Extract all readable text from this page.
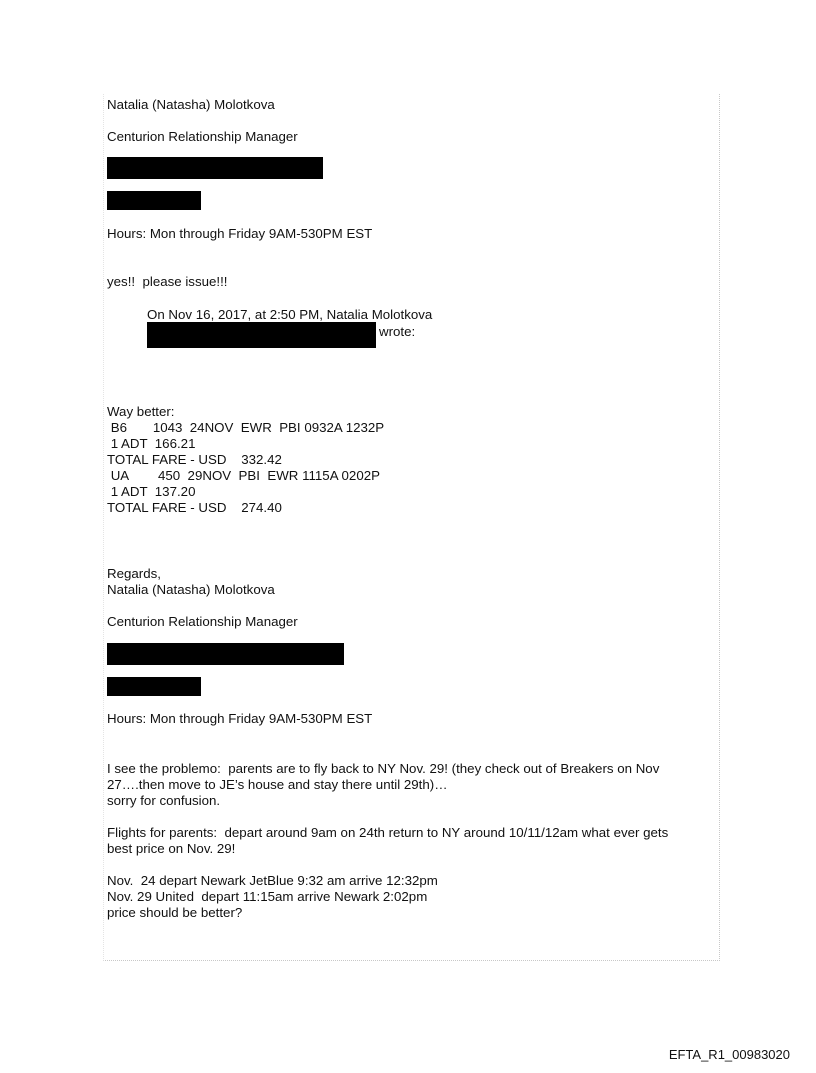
Natalia (Natasha) Molotkova
Centurion Relationship Manager
Hours: Mon through Friday 9AM-530PM EST
yes!!  please issue!!!
On Nov 16, 2017, at 2:50 PM, Natalia Molotkova
wrote:
Way better:
B6       1043  24NOV  EWR  PBI 0932A 1232P
1 ADT  166.21
TOTAL FARE - USD    332.42
UA        450  29NOV  PBI  EWR 1115A 0202P
1 ADT  137.20
TOTAL FARE - USD    274.40
Regards,
Natalia (Natasha) Molotkova
Centurion Relationship Manager
Hours: Mon through Friday 9AM-530PM EST
I see the problemo:  parents are to fly back to NY Nov. 29! (they check out of Breakers on Nov
27….then move to JE’s house and stay there until 29th)…
sorry for confusion.
Flights for parents:  depart around 9am on 24th return to NY around 10/11/12am what ever gets
best price on Nov. 29!
Nov.  24 depart Newark JetBlue 9:32 am arrive 12:32pm
Nov. 29 United  depart 11:15am arrive Newark 2:02pm
price should be better?
EFTA_R1_00983020
